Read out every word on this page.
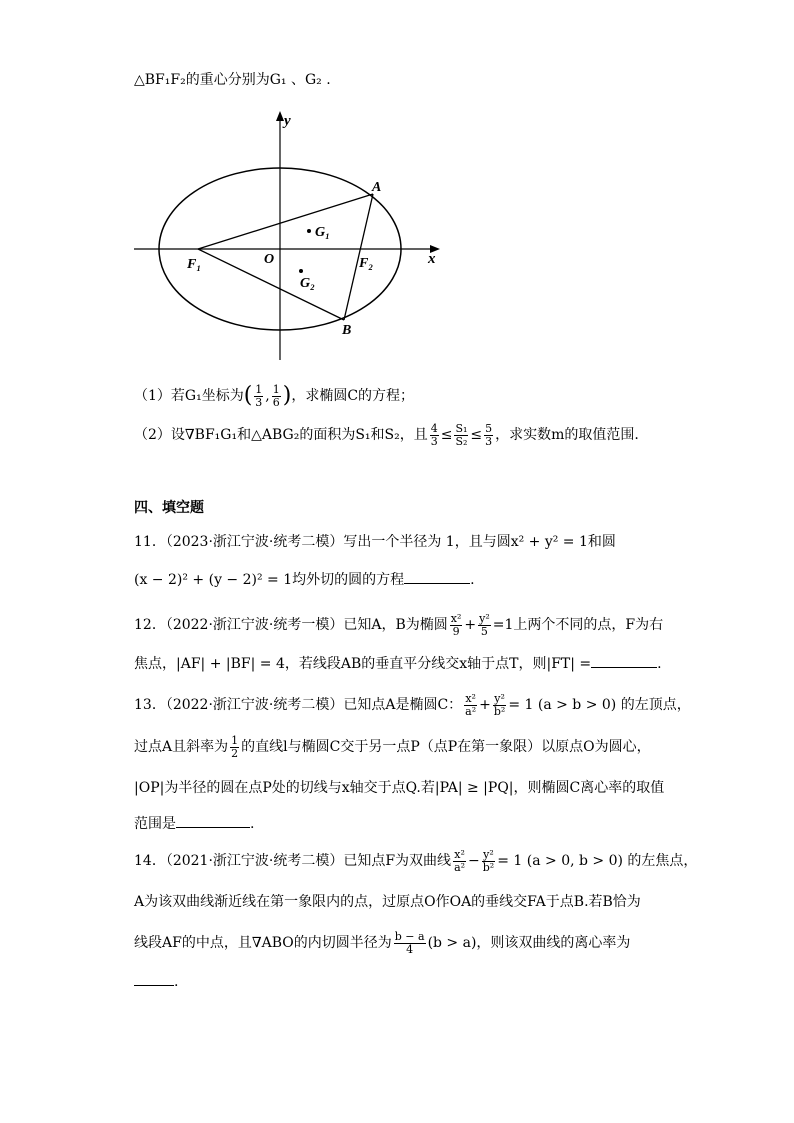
△BF₁F₂的重心分别为G₁ 、G₂ .
y
x
A
B
O
F₁	F₂
G₁
G₂
（1）若G₁坐标为( $\frac{1}{3}$ , $\frac{1}{6}$ )，求椭圆C的方程；
（2）设∇BF₁G₁和△ABG₂的面积为S₁和S₂，且 $\frac{4}{3} \le \frac{\text{S₁}}{\text{S₂}} \le \frac{5}{3}$ ，求实数m的取值范围.
四、填空题
11．（2023·浙江宁波·统考二模）写出一个半径为 1，且与圆x² + y² = 1和圆
(x − 2)² + (y − 2)² = 1均外切的圆的方程	.
12．（2022·浙江宁波·统考一模）已知A，B为椭圆 $\frac{\text{x²}}{9} + \frac{\text{y²}}{5} =1$上两个不同的点，F为右
焦点，|AF| + |BF| = 4，若线段AB的垂直平分线交x轴于点T，则|FT| =	.
13．（2022·浙江宁波·统考二模）已知点A是椭圆C： $\frac{\text{x²}}{\text{a²}} + \frac{\text{y²}}{\text{b²}} = 1$ (a > b > 0) 的左顶点，
过点A且斜率为 $\frac{1}{2}$ 的直线l与椭圆C交于另一点P（点P在第一象限）以原点O为圆心，
|OP|为半径的圆在点P处的切线与x轴交于点Q.若|PA| ≥ |PQ|，则椭圆C离心率的取值
范围是	.
14．（2021·浙江宁波·统考二模）已知点F为双曲线 $\frac{\text{x²}}{\text{a²}} - \frac{\text{y²}}{\text{b²}} = 1$ (a > 0, b > 0) 的左焦点，
A为该双曲线渐近线在第一象限内的点，过原点O作OA的垂线交FA于点B.若B恰为
线段AF的中点，且∇ABO的内切圆半径为 $\frac{b - a}{4} (b > a)$，则该双曲线的离心率为
.
